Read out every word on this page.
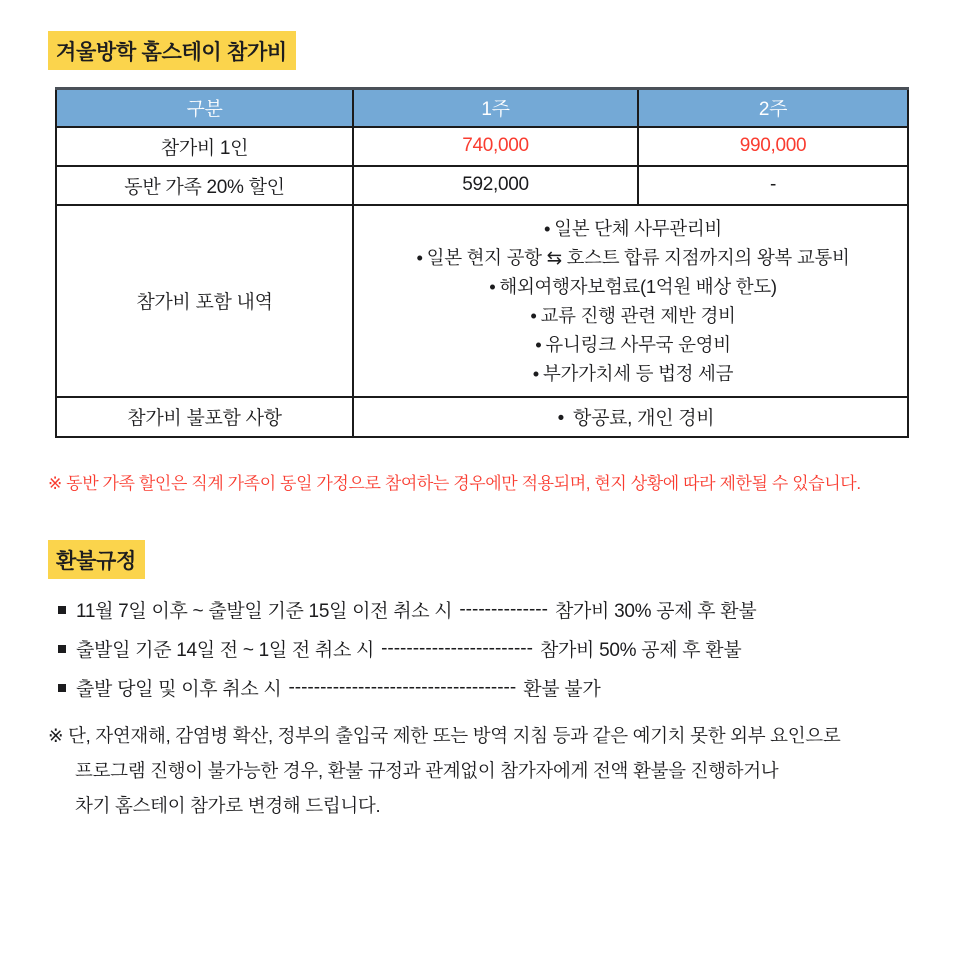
겨울방학 홈스테이 참가비
구분	1주	2주
참가비 1인	740,000	990,000
동반 가족 20% 할인	592,000	-
참가비 포함 내역	
• 일본 단체 사무관리비
• 일본 현지 공항 ⇆ 호스트 합류 지점까지의 왕복 교통비
• 해외여행자보험료(1억원 배상 한도)
• 교류 진행 관련 제반 경비
• 유니링크 사무국 운영비
• 부가가치세 등 법정 세금

참가비 불포함 사항	• 항공료, 개인 경비	
※ 동반 가족 할인은 직계 가족이 동일 가정으로 참여하는 경우에만 적용되며, 현지 상황에 따라 제한될 수 있습니다.
환불규정
11월 7일 이후 ~ 출발일 기준 15일 이전 취소 시 -------------- 참가비 30% 공제 후 환불
출발일 기준 14일 전 ~ 1일 전 취소 시 ------------------------ 참가비 50% 공제 후 환불
출발 당일 및 이후 취소 시 ------------------------------------ 환불 불가
※ 단, 자연재해, 감염병 확산, 정부의 출입국 제한 또는 방역 지침 등과 같은 예기치 못한 외부 요인으로
프로그램 진행이 불가능한 경우, 환불 규정과 관계없이 참가자에게 전액 환불을 진행하거나
차기 홈스테이 참가로 변경해 드립니다.
